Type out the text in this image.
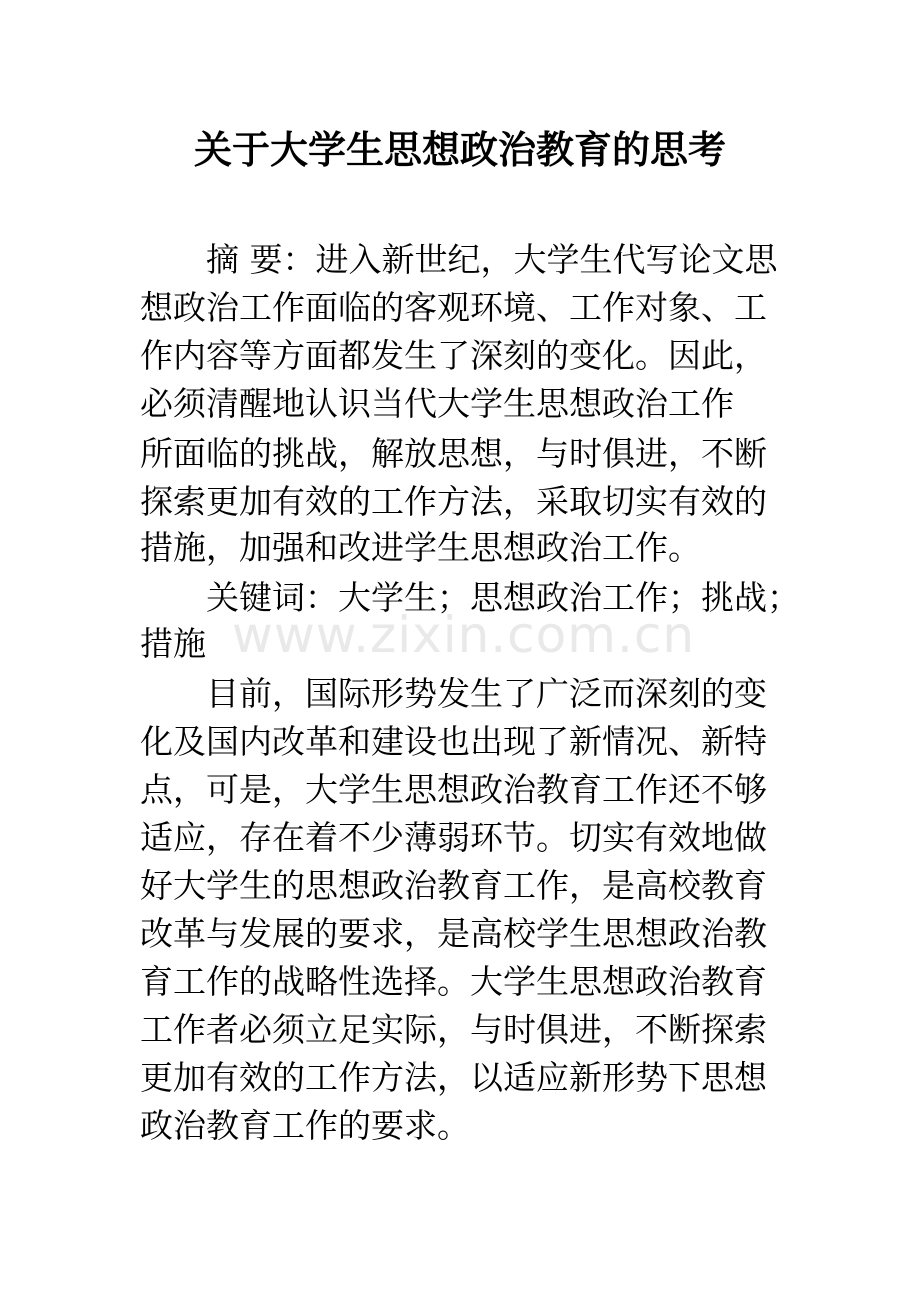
关于大学生思想政治教育的思考
www.zixin.com.cn
摘 要：进入新世纪，大学生代写论文思
想政治工作面临的客观环境、工作对象、工
作内容等方面都发生了深刻的变化。因此，
必须清醒地认识当代大学生思想政治工作
所面临的挑战，解放思想，与时俱进，不断
探索更加有效的工作方法，采取切实有效的
措施，加强和改进学生思想政治工作。
关键词：大学生；思想政治工作；挑战；
措施
目前，国际形势发生了广泛而深刻的变
化及国内改革和建设也出现了新情况、新特
点，可是，大学生思想政治教育工作还不够
适应，存在着不少薄弱环节。切实有效地做
好大学生的思想政治教育工作，是高校教育
改革与发展的要求，是高校学生思想政治教
育工作的战略性选择。大学生思想政治教育
工作者必须立足实际，与时俱进，不断探索
更加有效的工作方法，以适应新形势下思想
政治教育工作的要求。
